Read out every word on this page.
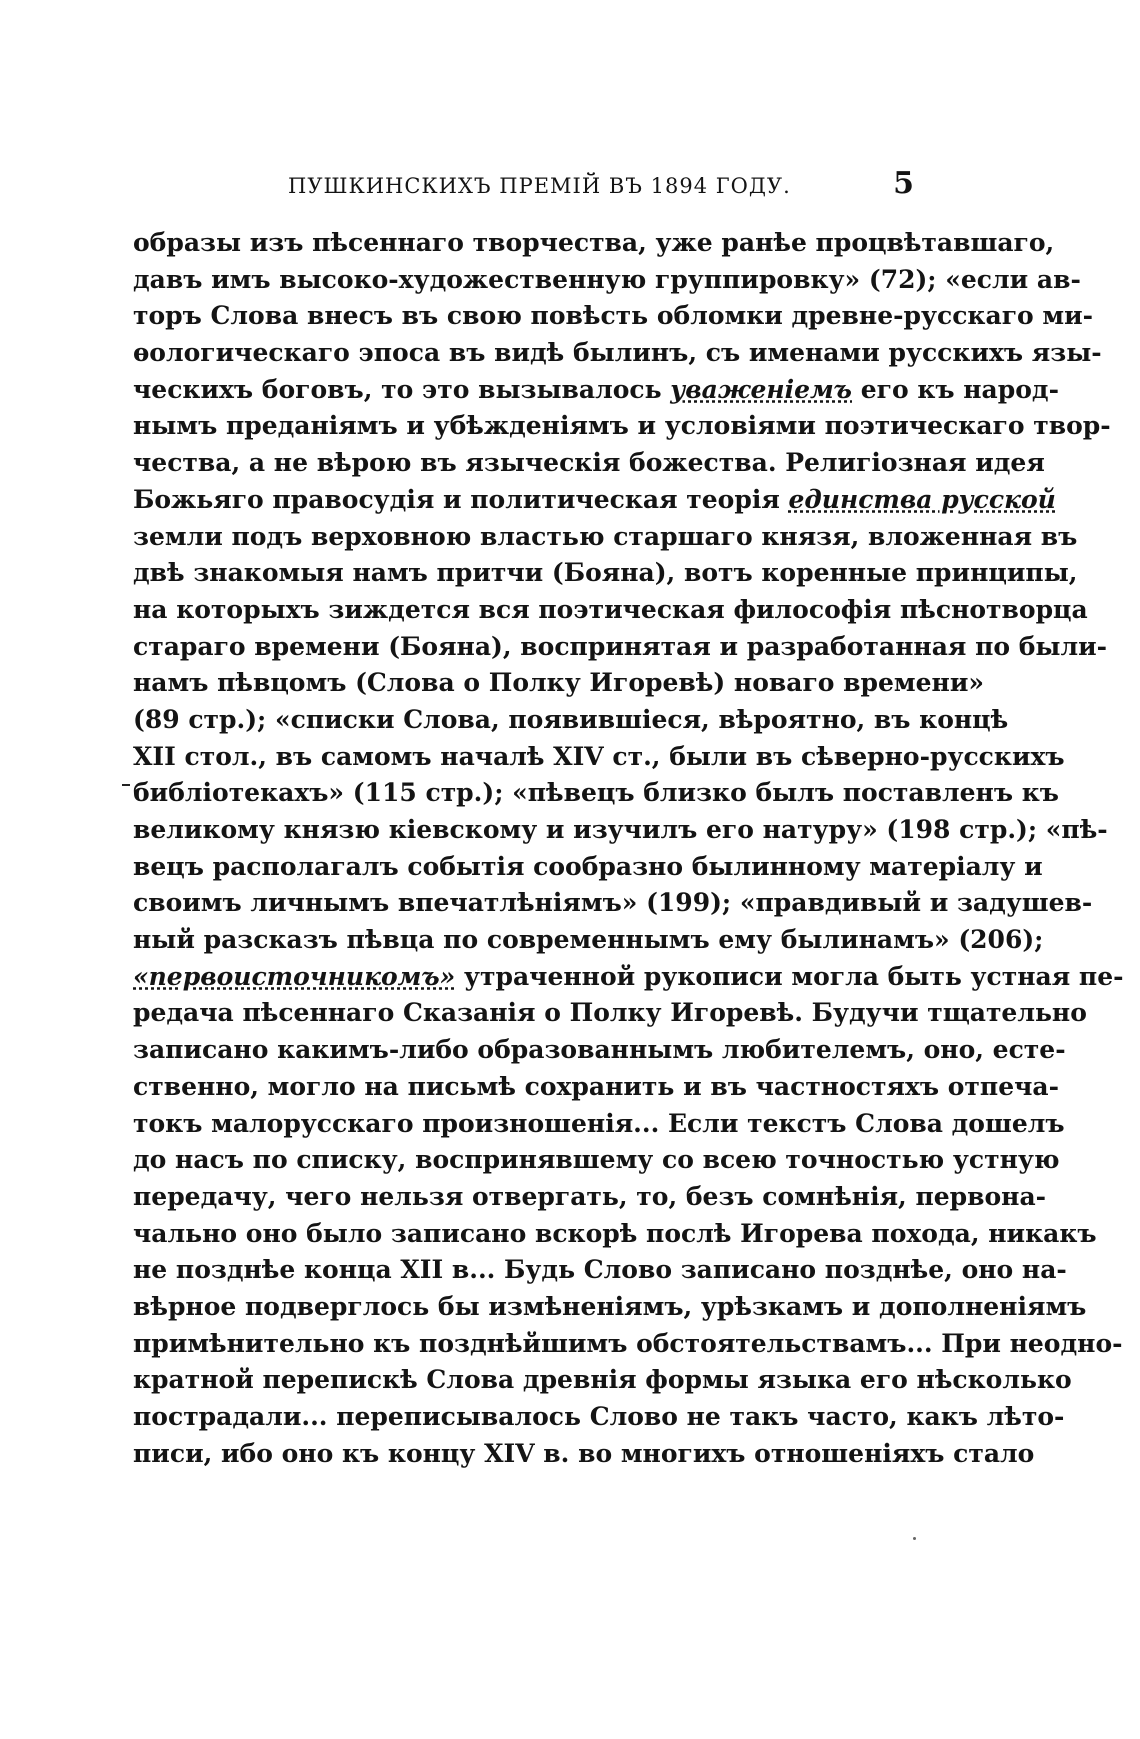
ПУШКИНСКИХЪ ПРЕМІЙ ВЪ 1894 ГОДУ.	5
образы изъ пѣсеннаго творчества, уже ранѣе процвѣтавшаго,
давъ имъ высоко-художественную группировку» (72); «если ав-
торъ Слова внесъ въ свою повѣсть обломки древне-русскаго ми-
ѳологическаго эпоса въ видѣ былинъ, съ именами русскихъ язы-
ческихъ боговъ, то это вызывалось уваженіемъ его къ народ-
нымъ преданіямъ и убѣжденіямъ и условіями поэтическаго твор-
чества, а не вѣрою въ языческія божества. Религіозная идея
Божьяго правосудія и политическая теорія единства русской
земли подъ верховною властью старшаго князя, вложенная въ
двѣ знакомыя намъ притчи (Бояна), вотъ коренные принципы,
на которыхъ зиждется вся поэтическая философія пѣснотворца
стараго времени (Бояна), воспринятая и разработанная по были-
намъ пѣвцомъ (Слова о Полку Игоревѣ) новаго времени»
(89 стр.); «списки Слова, появившіеся, вѣроятно, въ концѣ
XII стол., въ самомъ началѣ XIV ст., были въ сѣверно-русскихъ
библіотекахъ» (115 стр.); «пѣвецъ близко былъ поставленъ къ
великому князю кіевскому и изучилъ его натуру» (198 стр.); «пѣ-
вецъ располагалъ событія сообразно былинному матеріалу и
своимъ личнымъ впечатлѣніямъ» (199); «правдивый и задушев-
ный разсказъ пѣвца по современнымъ ему былинамъ» (206);
«первоисточникомъ» утраченной рукописи могла быть устная пе-
редача пѣсеннаго Сказанія о Полку Игоревѣ. Будучи тщательно
записано какимъ-либо образованнымъ любителемъ, оно, есте-
ственно, могло на письмѣ сохранить и въ частностяхъ отпеча-
токъ малорусскаго произношенія... Если текстъ Слова дошелъ
до насъ по списку, воспринявшему со всею точностью устную
передачу, чего нельзя отвергать, то, безъ сомнѣнія, первона-
чально оно было записано вскорѣ послѣ Игорева похода, никакъ
не позднѣе конца XII в... Будь Слово записано позднѣе, оно на-
вѣрное подверглось бы измѣненіямъ, урѣзкамъ и дополненіямъ
примѣнительно къ позднѣйшимъ обстоятельствамъ... При неодно-
кратной перепискѣ Слова древнія формы языка его нѣсколько
пострадали... переписывалось Слово не такъ часто, какъ лѣто-
писи, ибо оно къ концу XIV в. во многихъ отношеніяхъ стало
